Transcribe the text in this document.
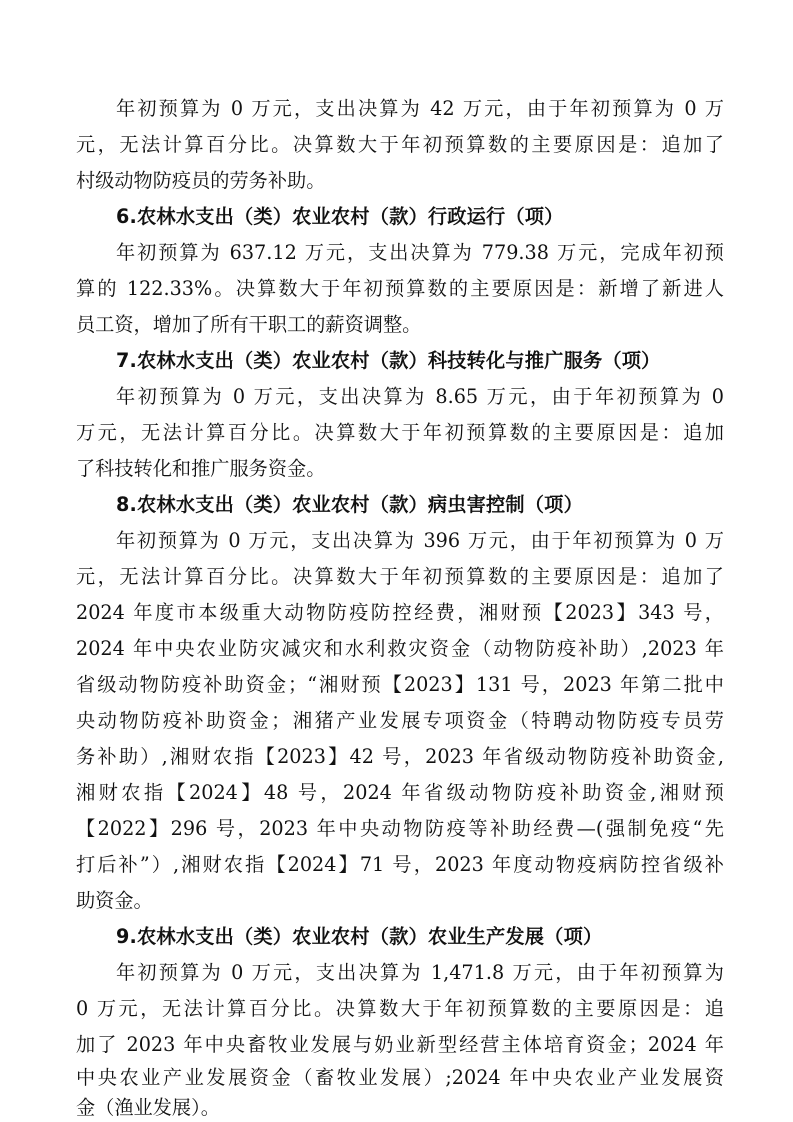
年初预算为 0 万元，支出决算为 42 万元，由于年初预算为 0 万

元，无法计算百分比。决算数大于年初预算数的主要原因是：追加了

村级动物防疫员的劳务补助。

6.农林水支出（类）农业农村（款）行政运行（项）

年初预算为 637.12 万元，支出决算为 779.38 万元，完成年初预

算的 122.33%。决算数大于年初预算数的主要原因是：新增了新进人

员工资，增加了所有干职工的薪资调整。

7.农林水支出（类）农业农村（款）科技转化与推广服务（项）

年初预算为 0 万元，支出决算为 8.65 万元，由于年初预算为 0

万元，无法计算百分比。决算数大于年初预算数的主要原因是：追加

了科技转化和推广服务资金。

8.农林水支出（类）农业农村（款）病虫害控制（项）

年初预算为 0 万元，支出决算为 396 万元，由于年初预算为 0 万

元，无法计算百分比。决算数大于年初预算数的主要原因是：追加了

2024 年度市本级重大动物防疫防控经费，湘财预【2023】343 号，

2024 年中央农业防灾减灾和水利救灾资金（动物防疫补助）,2023 年

省级动物防疫补助资金；“湘财预【2023】131 号，2023 年第二批中

央动物防疫补助资金；湘猪产业发展专项资金（特聘动物防疫专员劳

务补助）,湘财农指【2023】42 号，2023 年省级动物防疫补助资金,

湘财农指【2024】48 号，2024 年省级动物防疫补助资金,湘财预

【2022】296 号，2023 年中央动物防疫等补助经费—(强制免疫“先

打后补”）,湘财农指【2024】71 号，2023 年度动物疫病防控省级补

助资金。

9.农林水支出（类）农业农村（款）农业生产发展（项）

年初预算为 0 万元，支出决算为 1,471.8 万元，由于年初预算为

0 万元，无法计算百分比。决算数大于年初预算数的主要原因是：追

加了 2023 年中央畜牧业发展与奶业新型经营主体培育资金；2024 年

中央农业产业发展资金（畜牧业发展）;2024 年中央农业产业发展资

金（渔业发展）。
